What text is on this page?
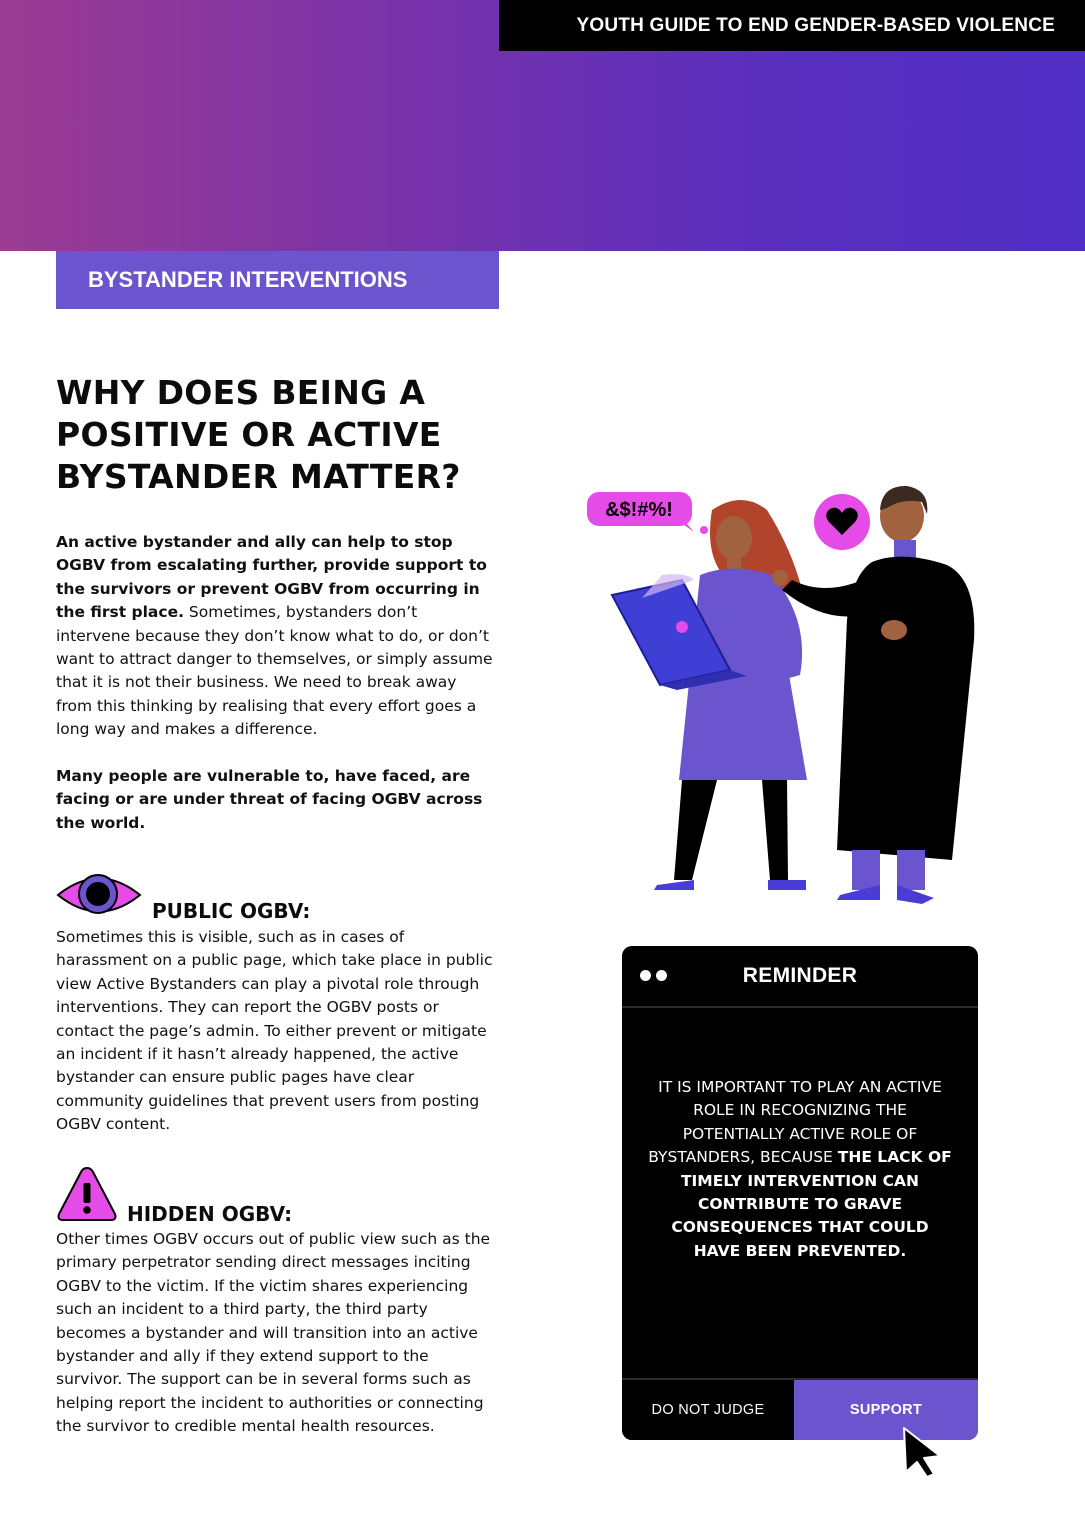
YOUTH GUIDE TO END GENDER-BASED VIOLENCE
BYSTANDER INTERVENTIONS
WHY DOES BEING A POSITIVE OR ACTIVE BYSTANDER MATTER?

An active bystander and ally can help to stop OGBV from escalating further, provide support to the survivors or prevent OGBV from occurring in the first place. Sometimes, bystanders don’t intervene because they don’t know what to do, or don’t want to attract danger to themselves, or simply assume that it is not their business. We need to break away from this thinking by realising that every effort goes a long way and makes a difference.

Many people are vulnerable to, have faced, are facing or are under threat of facing OGBV across the world.

PUBLIC OGBV:

Sometimes this is visible, such as in cases of harassment on a public page, which take place in public view Active Bystanders can play a pivotal role through interventions. They can report the OGBV posts or contact the page’s admin. To either prevent or mitigate an incident if it hasn’t already happened, the active bystander can ensure public pages have clear community guidelines that prevent users from posting OGBV content.

HIDDEN OGBV:

Other times OGBV occurs out of public view such as the primary perpetrator sending direct messages inciting OGBV to the victim. If the victim shares experiencing such an incident to a third party, the third party becomes a bystander and will transition into an active bystander and ally if they extend support to the survivor. The support can be in several forms such as helping report the incident to authorities or connecting the survivor to credible mental health resources.

&$!#%!
REMINDER
IT IS IMPORTANT TO PLAY AN ACTIVE ROLE IN RECOGNIZING THE POTENTIALLY ACTIVE ROLE OF BYSTANDERS, BECAUSE THE LACK OF TIMELY INTERVENTION CAN CONTRIBUTE TO GRAVE CONSEQUENCES THAT COULD HAVE BEEN PREVENTED.
DO NOT JUDGE	SUPPORT
